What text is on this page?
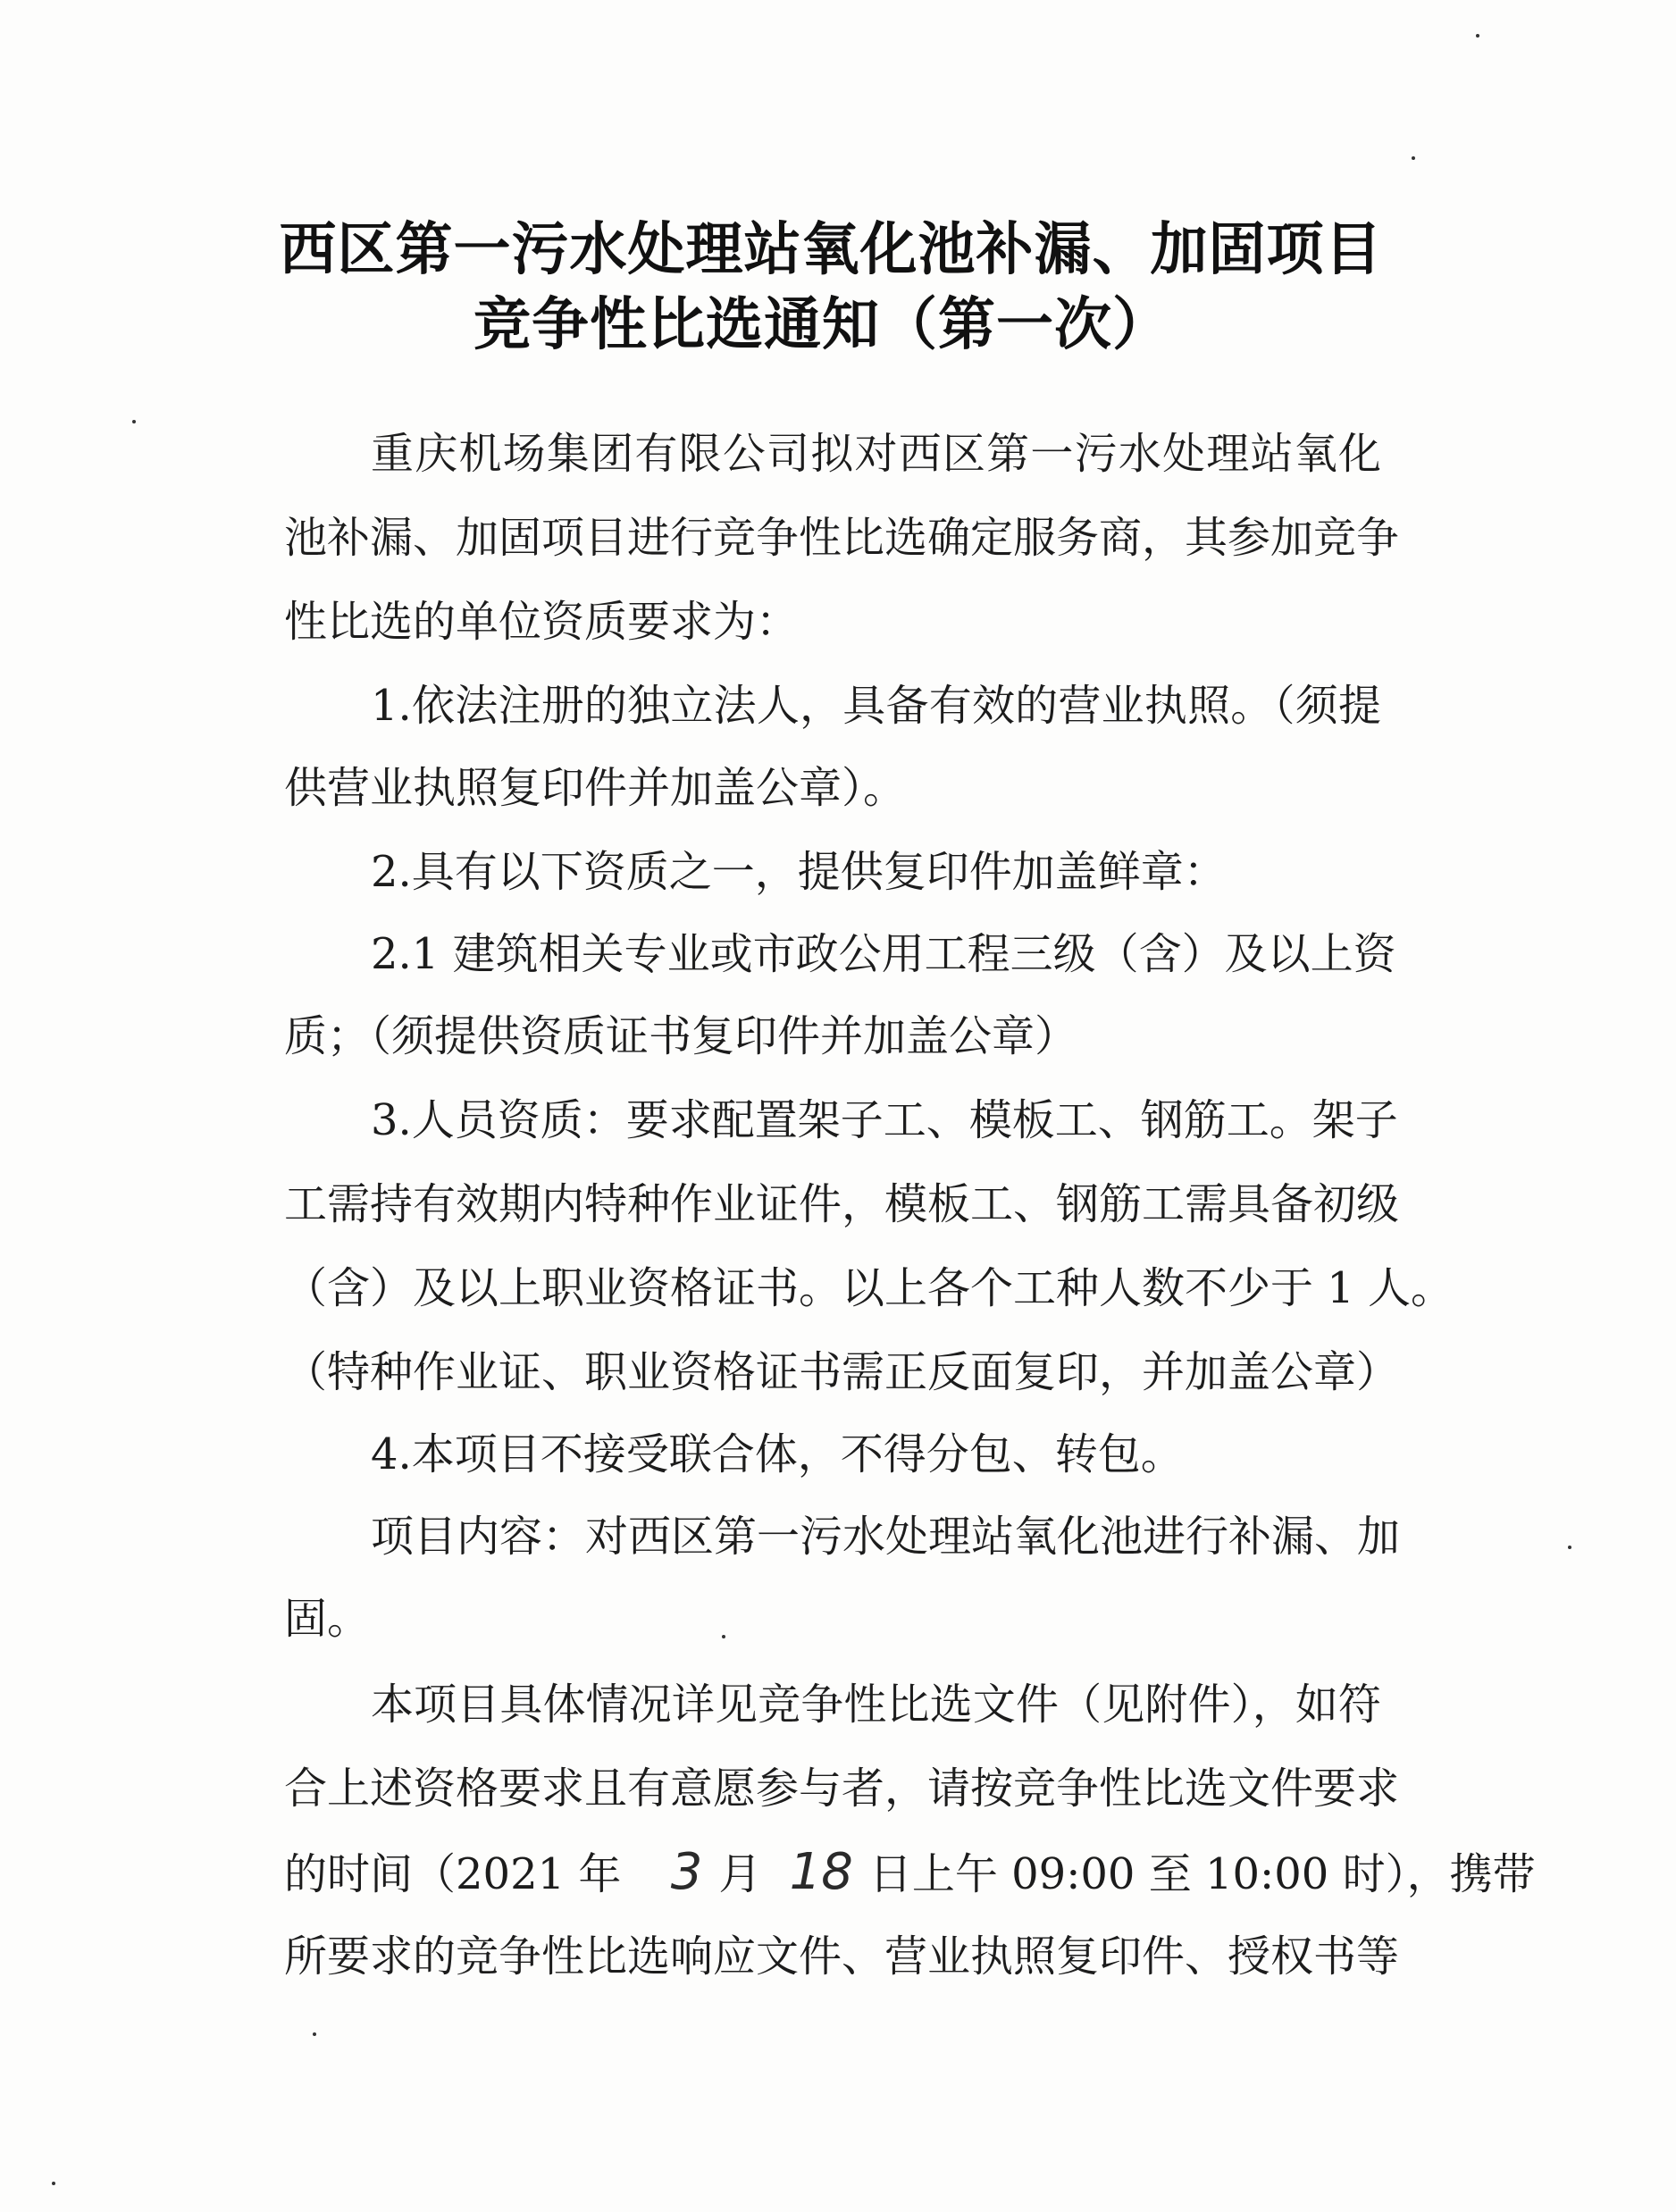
西区第一污水处理站氧化池补漏、加固项目
竞争性比选通知（第一次）
重庆机场集团有限公司拟对西区第一污水处理站氧化
池补漏、加固项目进行竞争性比选确定服务商，其参加竞争
性比选的单位资质要求为：
1.依法注册的独立法人，具备有效的营业执照。（须提
供营业执照复印件并加盖公章）。
2.具有以下资质之一，提供复印件加盖鲜章：
2.1 建筑相关专业或市政公用工程三级（含）及以上资
质；（须提供资质证书复印件并加盖公章）
3.人员资质：要求配置架子工、模板工、钢筋工。架子
工需持有效期内特种作业证件，模板工、钢筋工需具备初级
（含）及以上职业资格证书。以上各个工种人数不少于 1 人。
（特种作业证、职业资格证书需正反面复印，并加盖公章）
4.本项目不接受联合体，不得分包、转包。
项目内容：对西区第一污水处理站氧化池进行补漏、加
固。
本项目具体情况详见竞争性比选文件（见附件），如符
合上述资格要求且有意愿参与者，请按竞争性比选文件要求
的时间（2021 年 3 月 18 日上午 09:00 至 10:00 时），携带
所要求的竞争性比选响应文件、营业执照复印件、授权书等
